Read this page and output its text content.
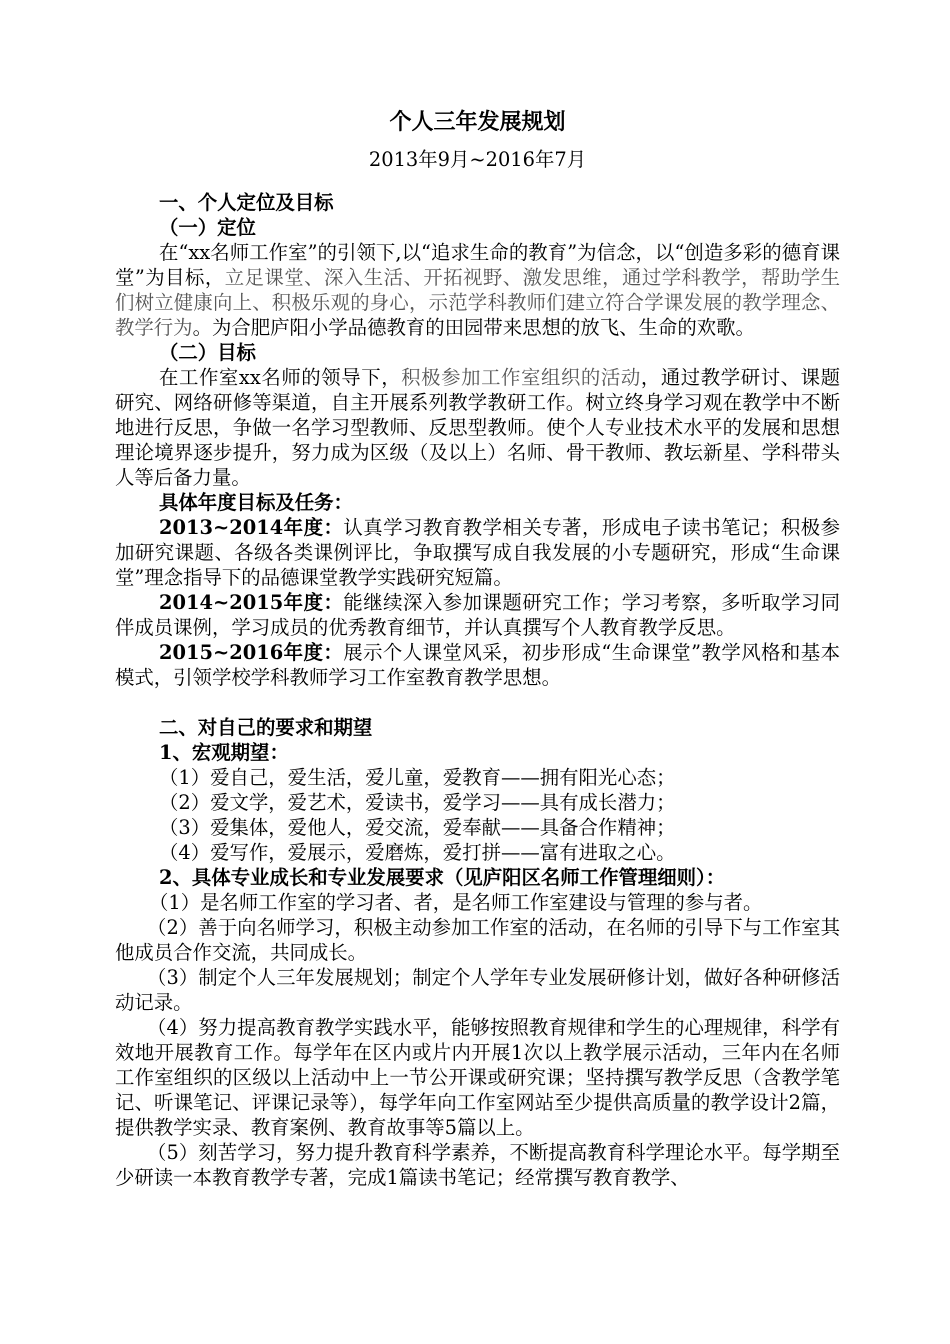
个人三年发展规划
2013年9月~2016年7月

一、个人定位及目标

（一）定位

在“xx名师工作室”的引领下,以“追求生命的教育”为信念，以“创造多彩的德育课堂”为目标，立足课堂、深入生活、开拓视野、激发思维，通过学科教学，帮助学生们树立健康向上、积极乐观的身心，示范学科教师们建立符合学课发展的教学理念、教学行为。为合肥庐阳小学品德教育的田园带来思想的放飞、生命的欢歌。

（二）目标

在工作室xx名师的领导下，积极参加工作室组织的活动，通过教学研讨、课题研究、网络研修等渠道，自主开展系列教学教研工作。树立终身学习观在教学中不断地进行反思，争做一名学习型教师、反思型教师。使个人专业技术水平的发展和思想理论境界逐步提升，努力成为区级（及以上）名师、骨干教师、教坛新星、学科带头人等后备力量。

具体年度目标及任务：

2013~2014年度：认真学习教育教学相关专著，形成电子读书笔记；积极参加研究课题、各级各类课例评比，争取撰写成自我发展的小专题研究，形成“生命课堂”理念指导下的品德课堂教学实践研究短篇。

2014~2015年度：能继续深入参加课题研究工作；学习考察，多听取学习同伴成员课例，学习成员的优秀教育细节，并认真撰写个人教育教学反思。

2015~2016年度：展示个人课堂风采，初步形成“生命课堂”教学风格和基本模式，引领学校学科教师学习工作室教育教学思想。

二、对自己的要求和期望

1、宏观期望：

（1）爱自己，爱生活，爱儿童，爱教育——拥有阳光心态；

（2）爱文学，爱艺术，爱读书，爱学习——具有成长潜力；

（3）爱集体，爱他人，爱交流，爱奉献——具备合作精神；

（4）爱写作，爱展示，爱磨炼，爱打拼——富有进取之心。

2、具体专业成长和专业发展要求（见庐阳区名师工作管理细则）：

（1）是名师工作室的学习者、者，是名师工作室建设与管理的参与者。

（2）善于向名师学习，积极主动参加工作室的活动，在名师的引导下与工作室其他成员合作交流，共同成长。

（3）制定个人三年发展规划；制定个人学年专业发展研修计划，做好各种研修活动记录。

（4）努力提高教育教学实践水平，能够按照教育规律和学生的心理规律，科学有效地开展教育工作。每学年在区内或片内开展1次以上教学展示活动，三年内在名师工作室组织的区级以上活动中上一节公开课或研究课；坚持撰写教学反思（含教学笔记、听课笔记、评课记录等），每学年向工作室网站至少提供高质量的教学设计2篇，提供教学实录、教育案例、教育故事等5篇以上。

（5）刻苦学习，努力提升教育科学素养，不断提高教育科学理论水平。每学期至少研读一本教育教学专著，完成1篇读书笔记；经常撰写教育教学、
